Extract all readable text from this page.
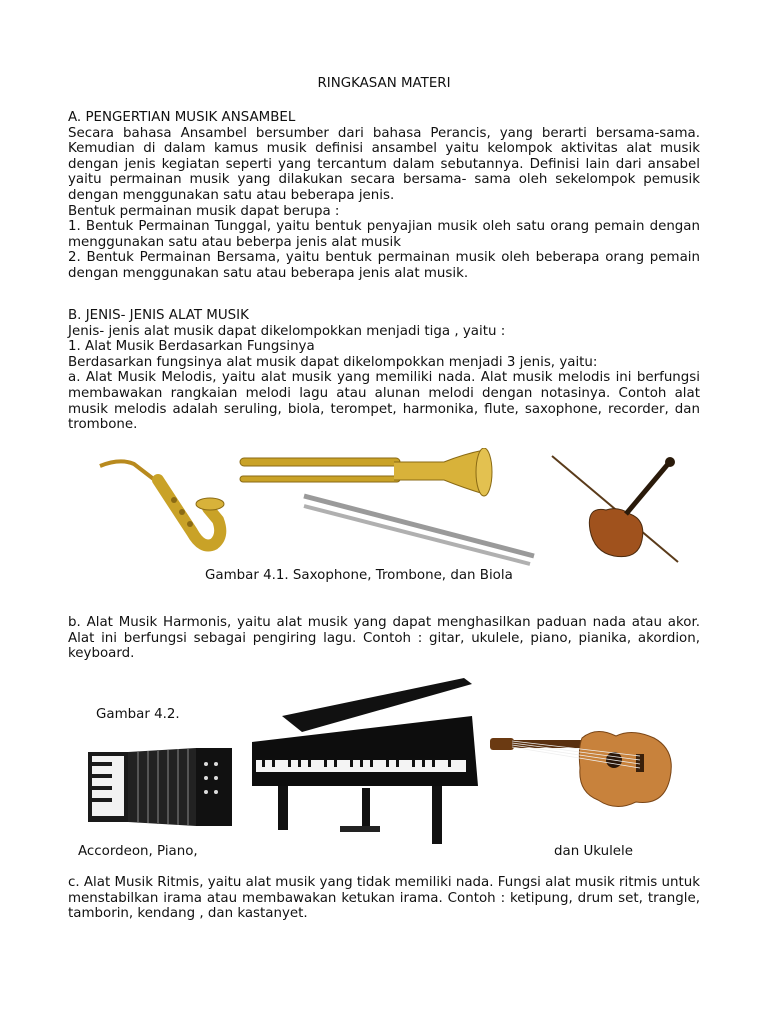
RINGKASAN MATERI

A. PENGERTIAN MUSIK ANSAMBEL

Secara bahasa Ansambel bersumber dari bahasa Perancis, yang berarti bersama-sama. Kemudian di dalam kamus musik definisi ansambel yaitu kelompok aktivitas alat musik dengan jenis kegiatan seperti yang tercantum dalam sebutannya. Definisi lain dari ansabel yaitu permainan musik yang dilakukan secara bersama- sama oleh sekelompok pemusik dengan menggunakan satu atau beberapa jenis.

Bentuk permainan musik dapat berupa :

1. Bentuk Permainan Tunggal, yaitu bentuk penyajian musik oleh satu orang pemain dengan menggunakan satu atau beberpa jenis alat musik

2. Bentuk Permainan Bersama, yaitu bentuk permainan musik oleh beberapa orang pemain dengan menggunakan satu atau beberapa jenis alat musik.

B. JENIS- JENIS ALAT MUSIK

Jenis- jenis alat musik dapat dikelompokkan menjadi tiga , yaitu :

1. Alat Musik Berdasarkan Fungsinya

Berdasarkan fungsinya alat musik dapat dikelompokkan menjadi 3 jenis, yaitu:

a. Alat Musik Melodis, yaitu alat musik yang memiliki nada. Alat musik melodis ini berfungsi membawakan rangkaian melodi lagu atau alunan melodi dengan notasinya. Contoh alat musik melodis adalah seruling, biola, terompet, harmonika, flute, saxophone, recorder, dan trombone.

Gambar 4.1. Saxophone, Trombone, dan Biola
b. Alat Musik Harmonis, yaitu alat musik yang dapat menghasilkan paduan nada atau akor. Alat ini berfungsi sebagai pengiring lagu. Contoh : gitar, ukulele, piano, pianika, akordion, keyboard.
Gambar 4.2.
Accordeon, Piano,	dan Ukulele
c. Alat Musik Ritmis, yaitu alat musik yang tidak memiliki nada. Fungsi alat musik ritmis untuk menstabilkan irama atau membawakan ketukan irama. Contoh : ketipung, drum set, trangle, tamborin, kendang , dan kastanyet.
